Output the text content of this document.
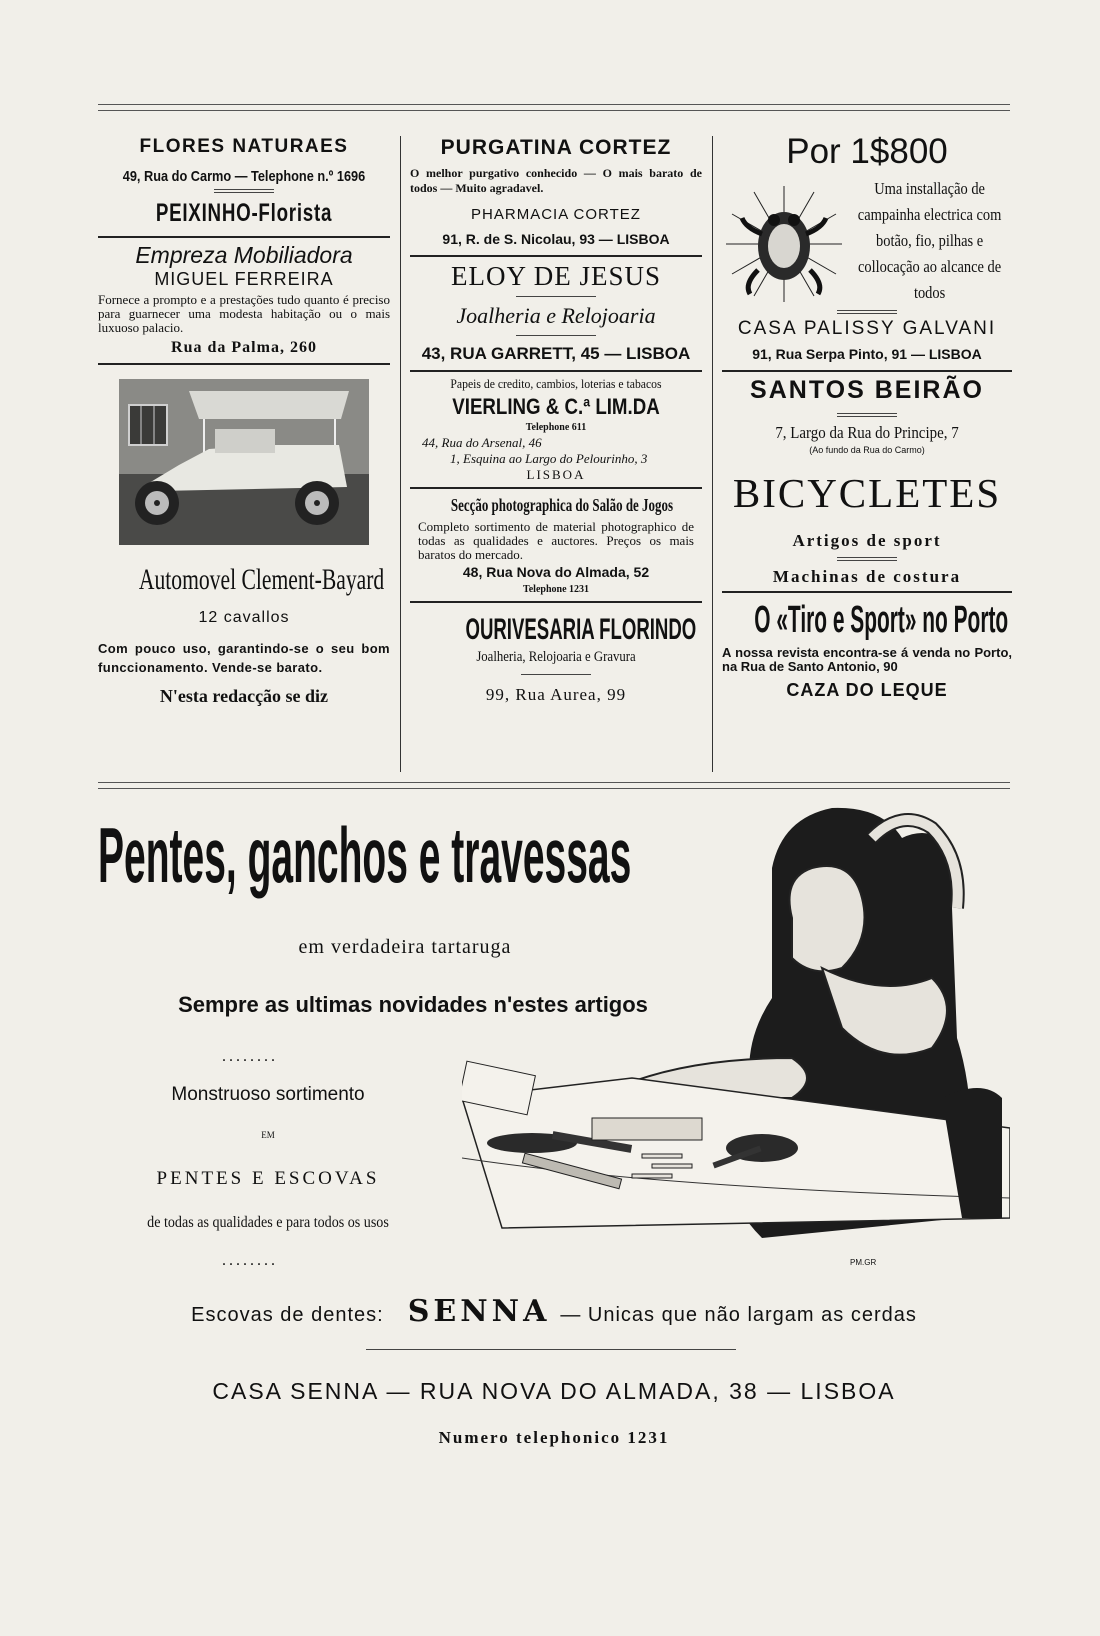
FLORES NATURAES
49, Rua do Carmo — Telephone n.º 1696
PEIXINHO-Florista
Empreza Mobiliadora
MIGUEL FERREIRA
Fornece a prompto e a prestações tudo quanto é preciso para guarnecer uma modesta habitação ou o mais luxuoso palacio.
Rua da Palma, 260
Automovel Clement-Bayard
12 cavallos
Com pouco uso, garantindo-se o seu bom funccionamento. Vende-se barato.
N'esta redacção se diz
PURGATINA CORTEZ
O melhor purgativo conhecido — O mais barato de todos — Muito agradavel.
PHARMACIA CORTEZ
91, R. de S. Nicolau, 93 — LISBOA
ELOY DE JESUS
Joalheria e Relojoaria
43, RUA GARRETT, 45 — LISBOA
Papeis de credito, cambios, loterias e tabacos
VIERLING & C.ª LIM.DA
Telephone 611
44, Rua do Arsenal, 46
1, Esquina ao Largo do Pelourinho, 3
LISBOA
Secção photographica do Salão de Jogos
Completo sortimento de material photographico de todas as qualidades e auctores. Preços os mais baratos do mercado.
48, Rua Nova do Almada, 52
Telephone 1231
OURIVESARIA FLORINDO
Joalheria, Relojoaria e Gravura
99, Rua Aurea, 99
Por 1$800
Uma installação de campainha electrica com botão, fio, pilhas e collocação ao alcance de todos
CASA PALISSY GALVANI
91, Rua Serpa Pinto, 91 — LISBOA
SANTOS BEIRÃO
7, Largo da Rua do Principe, 7
(Ao fundo da Rua do Carmo)
BICYCLETES
Artigos de sport
Machinas de costura
O «Tiro e Sport» no Porto
A nossa revista encontra-se á venda no Porto, na Rua de Santo Antonio, 90
CAZA DO LEQUE
Pentes, ganchos e travessas
em verdadeira tartaruga
Sempre as ultimas novidades n'estes artigos
........
Monstruoso sortimento
EM
PENTES E ESCOVAS
de todas as qualidades e para todos os usos
........	PM.GR
Escovas de dentes: SENNA — Unicas que não largam as cerdas
CASA SENNA — RUA NOVA DO ALMADA, 38 — LISBOA
Numero telephonico 1231
